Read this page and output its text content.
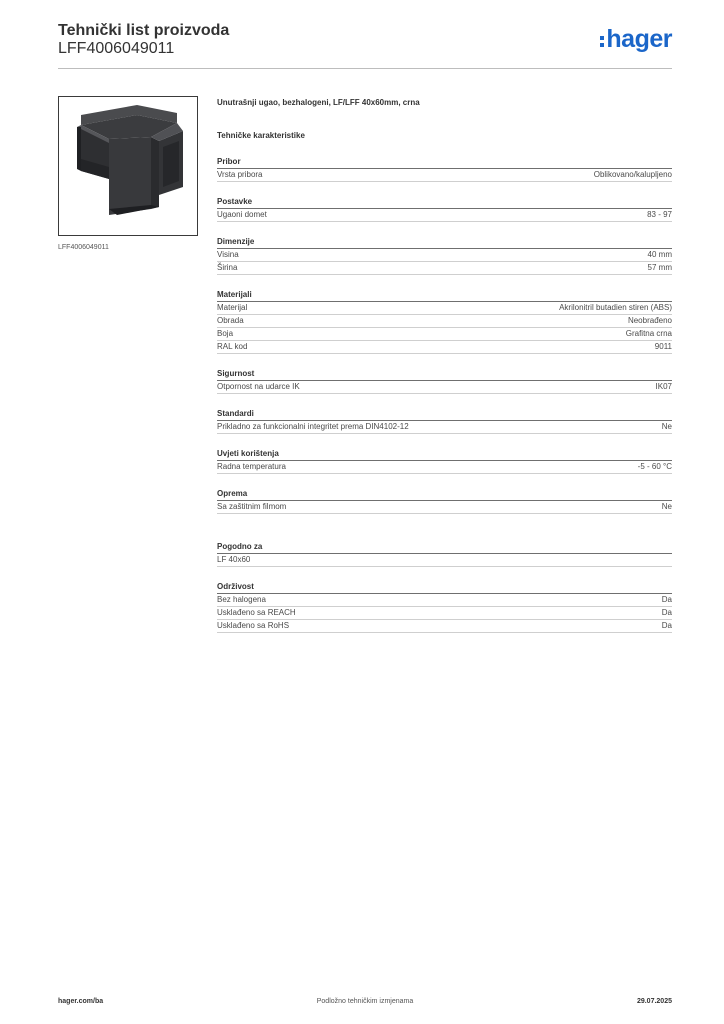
Tehnički list proizvoda
LFF4006049011	hager
LFF4006049011
Unutrašnji ugao, bezhalogeni, LF/LFF 40x60mm, crna
Tehničke karakteristike
Pribor
Vrsta pribora	Oblikovano/kalupljeno
Postavke
Ugaoni domet	83 - 97
Dimenzije
Visina	40 mm
Širina	57 mm
Materijali
Materijal	Akrilonitril butadien stiren (ABS)
Obrada	Neobrađeno
Boja	Grafitna crna
RAL kod	9011
Sigurnost
Otpornost na udarce IK	IK07
Standardi
Prikladno za funkcionalni integritet prema DIN4102-12	Ne
Uvjeti korištenja
Radna temperatura	-5 - 60 °C
Oprema
Sa zaštitnim filmom	Ne
Pogodno za
LF 40x60
Održivost
Bez halogena	Da
Usklađeno sa REACH	Da
Usklađeno sa RoHS	Da
Podložno tehničkim izmjenama
hager.com/ba	29.07.2025
